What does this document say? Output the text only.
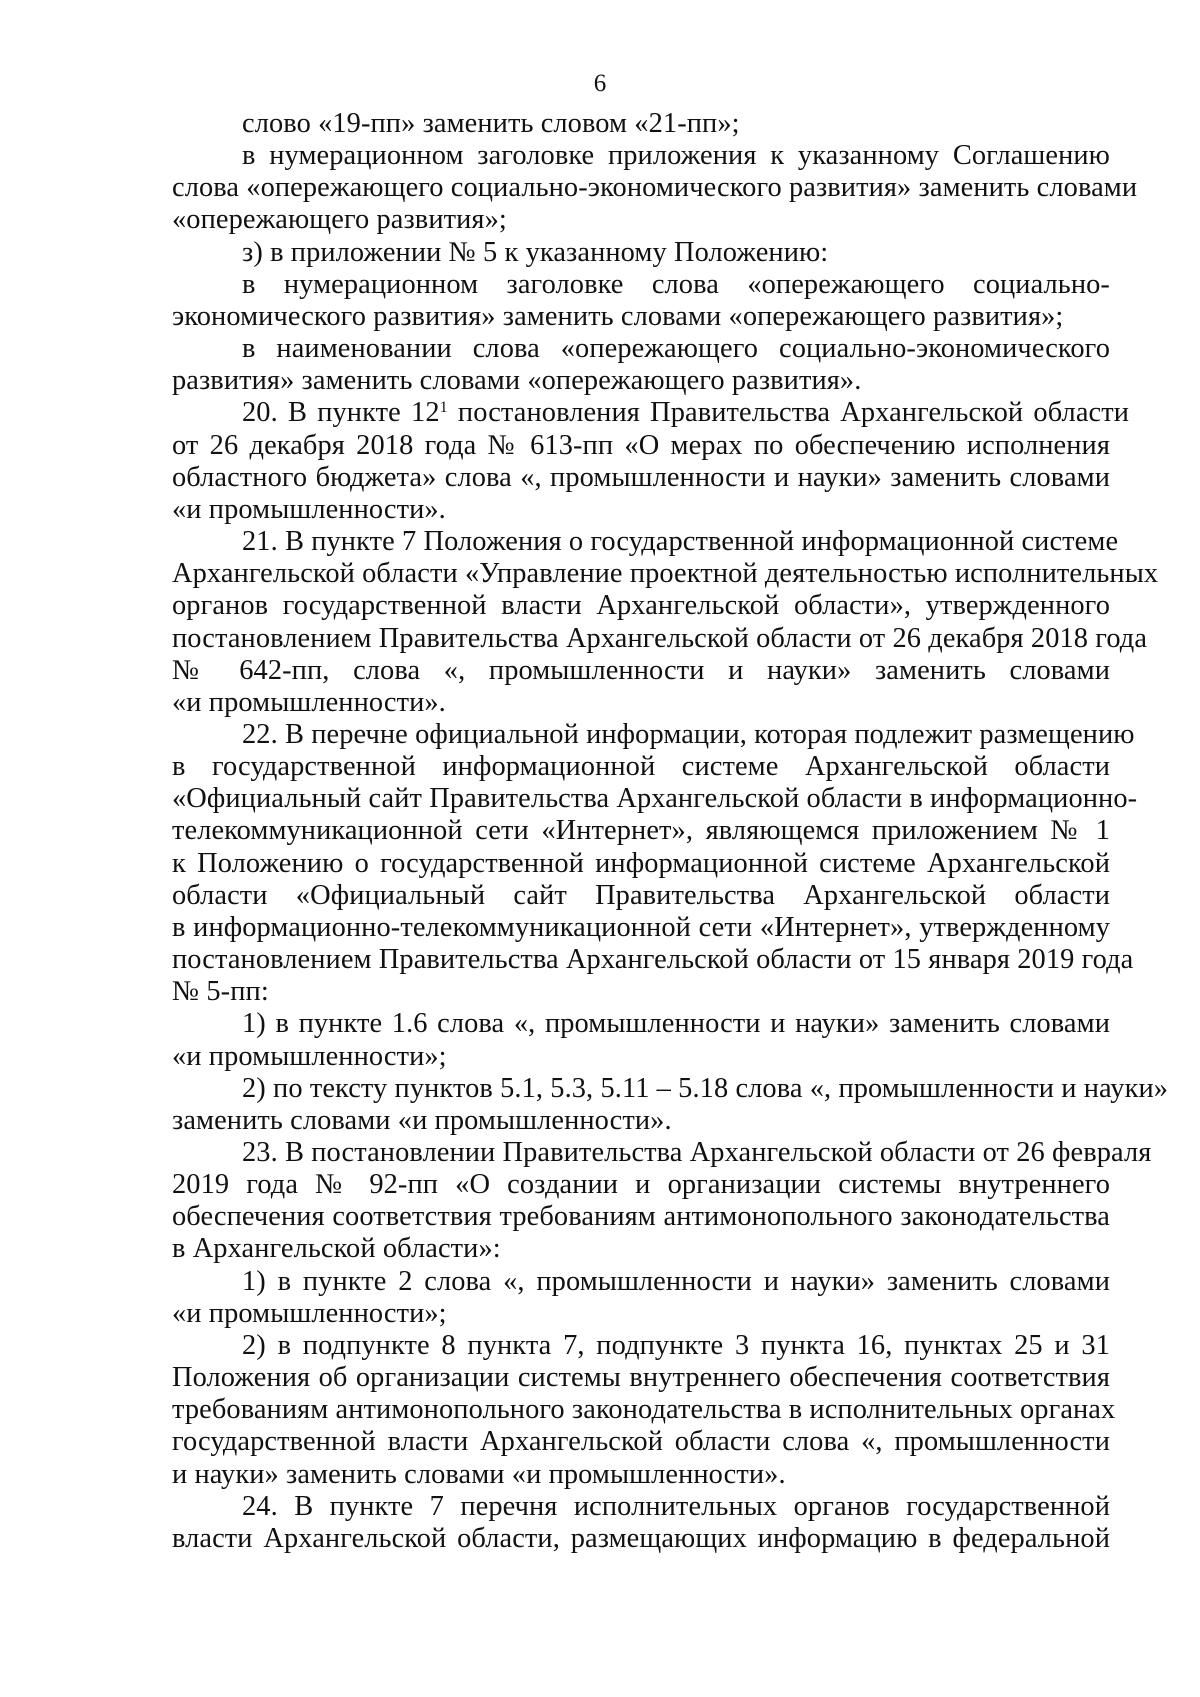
6

слово «19-пп» заменить словом «21-пп»;

в нумерационном заголовке приложения к указанному Соглашению
слова «опережающего социально-экономического развития» заменить словами
«опережающего развития»;

з) в приложении № 5 к указанному Положению:

в нумерационном заголовке слова «опережающего социально-
экономического развития» заменить словами «опережающего развития»;

в наименовании слова «опережающего социально-экономического
развития» заменить словами «опережающего развития».

20. В пункте $12^1$ постановления Правительства Архангельской области
от 26 декабря 2018 года № 613-пп «О мерах по обеспечению исполнения
областного бюджета» слова «, промышленности и науки» заменить словами
«и промышленности».

21. В пункте 7 Положения о государственной информационной системе
Архангельской области «Управление проектной деятельностью исполнительных
органов государственной власти Архангельской области», утвержденного
постановлением Правительства Архангельской области от 26 декабря 2018 года
№ 642-пп, слова «, промышленности и науки» заменить словами
«и промышленности».

22. В перечне официальной информации, которая подлежит размещению
в государственной информационной системе Архангельской области
«Официальный сайт Правительства Архангельской области в информационно-
телекоммуникационной сети «Интернет», являющемся приложением № 1
к Положению о государственной информационной системе Архангельской
области «Официальный сайт Правительства Архангельской области
в информационно-телекоммуникационной сети «Интернет», утвержденному
постановлением Правительства Архангельской области от 15 января 2019 года
№ 5-пп:

1) в пункте 1.6 слова «, промышленности и науки» заменить словами
«и промышленности»;

2) по тексту пунктов 5.1, 5.3, 5.11 – 5.18 слова «, промышленности и науки»
заменить словами «и промышленности».

23. В постановлении Правительства Архангельской области от 26 февраля
2019 года № 92-пп «О создании и организации системы внутреннего
обеспечения соответствия требованиям антимонопольного законодательства
в Архангельской области»:

1) в пункте 2 слова «, промышленности и науки» заменить словами
«и промышленности»;

2) в подпункте 8 пункта 7, подпункте 3 пункта 16, пунктах 25 и 31
Положения об организации системы внутреннего обеспечения соответствия
требованиям антимонопольного законодательства в исполнительных органах
государственной власти Архангельской области слова «, промышленности
и науки» заменить словами «и промышленности».

24. В пункте 7 перечня исполнительных органов государственной
власти Архангельской области, размещающих информацию в федеральной
